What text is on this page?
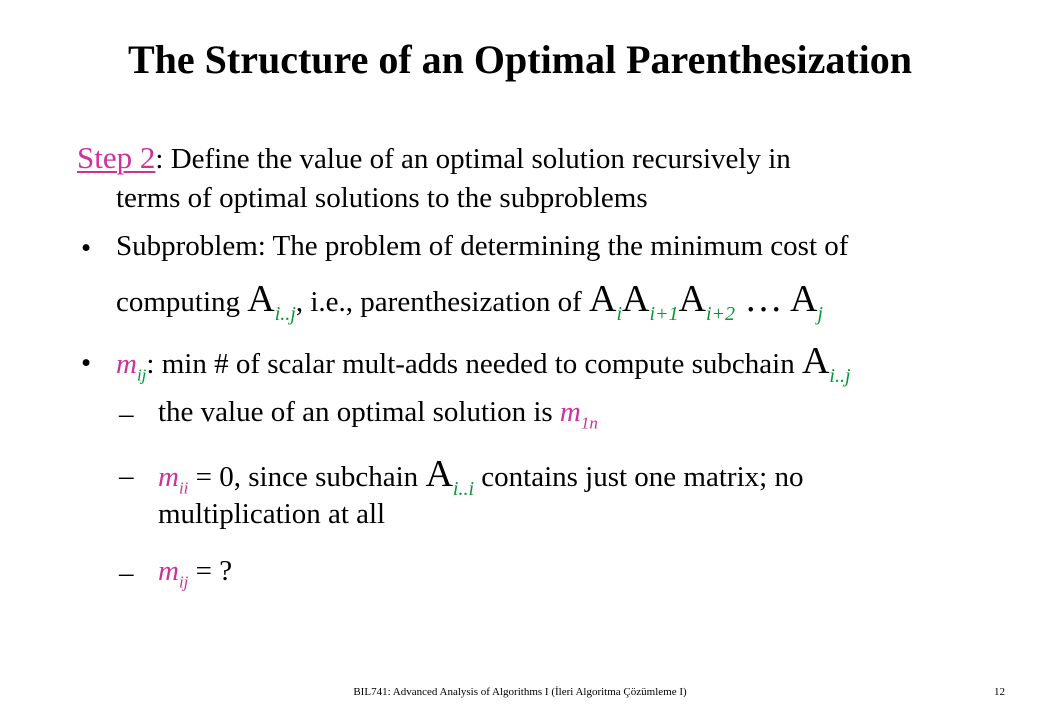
The Structure of an Optimal Parenthesization
Step 2: Define the value of an optimal solution recursively in
terms of optimal solutions to the subproblems
• Subproblem: The problem of determining the minimum cost of
computing $A_{i..j}$, i.e., parenthesization of $A_iA_{i+1}A_{i+2}$ … $A_j$
• $m_{ij}$: min # of scalar mult-adds needed to compute subchain $A_{i..j}$
– the value of an optimal solution is $m_{1n}$
– $m_{ii} = 0$, since subchain $A_{i..i}$ contains just one matrix; no
multiplication at all
– $m_{ij}$ = ?
BIL741: Advanced Analysis of Algorithms I (İleri Algoritma Çözümleme I)	12
